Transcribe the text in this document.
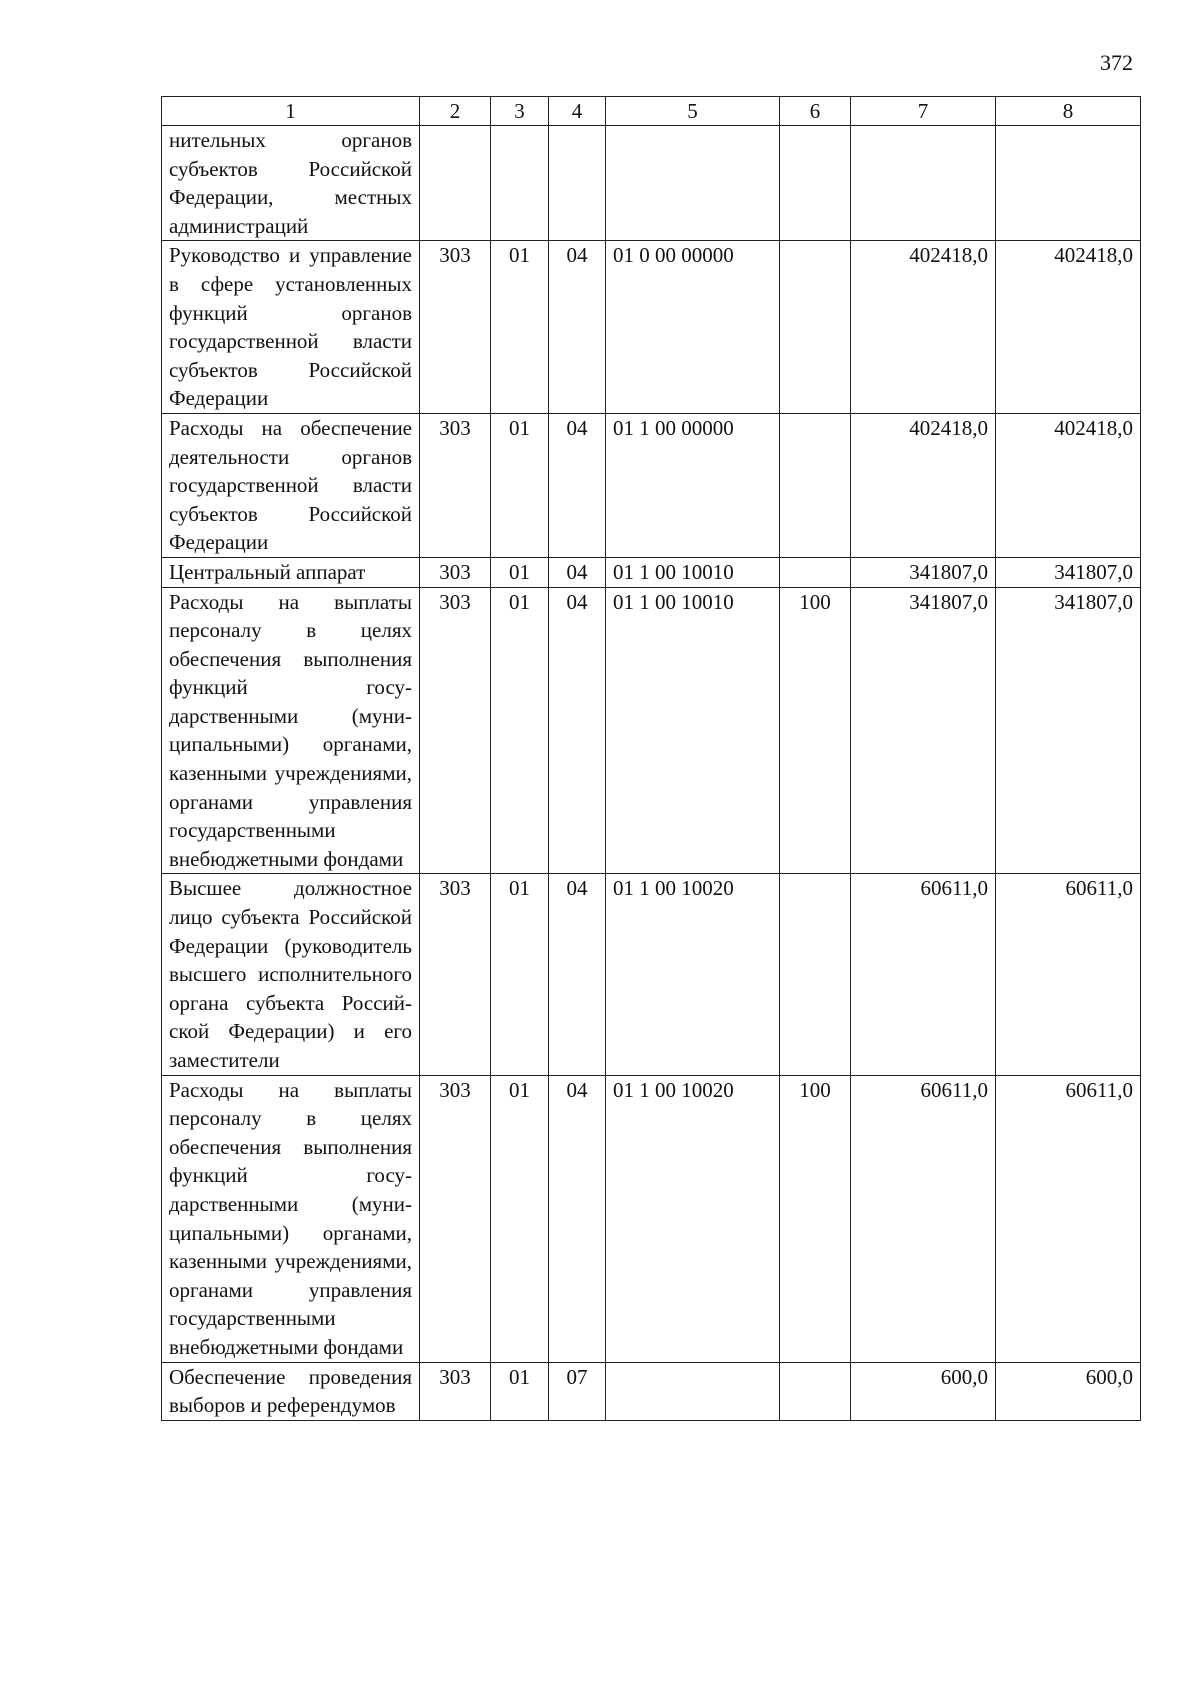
372
1	2	3	4	5	6	7	8
нительных органов субъектов Российской Федерации, местных администраций							
Руководство и управление в сфере установленных функций органов государственной власти субъектов Российской Федерации	303	01	04	01 0 00 00000		402418,0	402418,0
Расходы на обеспечение деятельности органов государственной власти субъектов Российской Федерации	303	01	04	01 1 00 00000		402418,0	402418,0
Центральный аппарат	303	01	04	01 1 00 10010		341807,0	341807,0
Расходы на выплаты персоналу в целях обеспечения выполнения функций государственными (муниципальными) органами, казенными учреждениями, органами управления государственными внебюджетными фондами	303	01	04	01 1 00 10010	100	341807,0	341807,0
Высшее должностное лицо субъекта Российской Федерации (руководитель высшего исполнительного органа субъекта Российской Федерации) и его заместители	303	01	04	01 1 00 10020		60611,0	60611,0
Расходы на выплаты персоналу в целях обеспечения выполнения функций государственными (муниципальными) органами, казенными учреждениями, органами управления государственными внебюджетными фондами	303	01	04	01 1 00 10020	100	60611,0	60611,0
Обеспечение проведения выборов и референдумов	303	01	07			600,0	600,0
